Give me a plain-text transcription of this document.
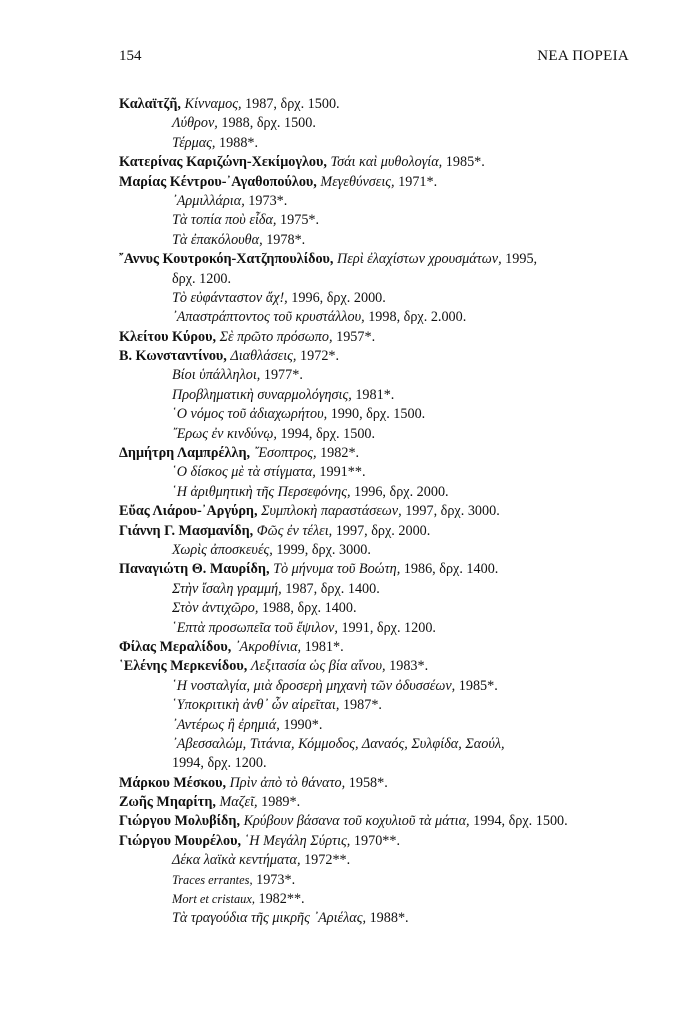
154	ΝΕΑ ΠΟΡΕΙΑ
Καλαϊτζῆ, Κίνναμος, 1987, δρχ. 1500.
Λύθρον, 1988, δρχ. 1500.
Τέρμας, 1988*.
Κατερίνας Καριζώνη-Χεκίμογλου, Τσάι καὶ μυθολογία, 1985*.
Μαρίας Κέντρου-᾽Αγαθοπούλου, Μεγεθύνσεις, 1971*.
᾽Αρμιλλάρια, 1973*.
Τὰ τοπία ποὺ εἶδα, 1975*.
Τὰ ἐπακόλουθα, 1978*.
῎Αννυς Κουτροκόη-Χατζηπουλίδου, Περὶ ἐλαχίστων χρουσμάτων, 1995,
δρχ. 1200.
Τὸ εὐφάνταστον ἄχ!, 1996, δρχ. 2000.
᾽Απαστράπτοντος τοῦ κρυστάλλου, 1998, δρχ. 2.000.
Κλείτου Κύρου, Σὲ πρῶτο πρόσωπο, 1957*.
Β. Κωνσταντίνου, Διαθλάσεις, 1972*.
Βίοι ὑπάλληλοι, 1977*.
Προβληματικὴ συναρμολόγησις, 1981*.
῾Ο νόμος τοῦ ἀδιαχωρήτου, 1990, δρχ. 1500.
῎Ερως ἐν κινδύνῳ, 1994, δρχ. 1500.
Δημήτρη Λαμπρέλλη, ῎Εσοπτρος, 1982*.
῾Ο δίσκος μὲ τὰ στίγματα, 1991**.
῾Η ἀριθμητικὴ τῆς Περσεφόνης, 1996, δρχ. 2000.
Εὔας Λιάρου-᾽Αργύρη, Συμπλοκὴ παραστάσεων, 1997, δρχ. 3000.
Γιάννη Γ. Μασμανίδη, Φῶς ἐν τέλει, 1997, δρχ. 2000.
Χωρὶς ἀποσκευές, 1999, δρχ. 3000.
Παναγιώτη Θ. Μαυρίδη, Τὸ μήνυμα τοῦ Βοώτη, 1986, δρχ. 1400.
Στὴν ἴσαλη γραμμή, 1987, δρχ. 1400.
Στὸν ἀντιχῶρο, 1988, δρχ. 1400.
῾Επτὰ προσωπεῖα τοῦ ἔψιλον, 1991, δρχ. 1200.
Φίλας Μεραλίδου, ᾽Ακροθίνια, 1981*.
῾Ελένης Μερκενίδου, Λεξιτασία ὡς βία αἴνου, 1983*.
῾Η νοσταλγία, μιὰ δροσερὴ μηχανὴ τῶν ὀδυσσέων, 1985*.
῾Υποκριτικὴ ἀνθ᾽ ὧν αἱρεῖται, 1987*.
᾽Αντέρως ἢ ἐρημιά, 1990*.
᾽Αβεσσαλώμ, Τιτάνια, Κόμμοδος, Δαναός, Συλφίδα, Σαούλ,
1994, δρχ. 1200.
Μάρκου Μέσκου, Πρὶν ἀπὸ τὸ θάνατο, 1958*.
Ζωῆς Μηαρίτη, Μαζεῖ, 1989*.
Γιώργου Μολυβίδη, Κρύβουν βάσανα τοῦ κοχυλιοῦ τὰ μάτια, 1994, δρχ. 1500.
Γιώργου Μουρέλου, ῾Η Μεγάλη Σύρτις, 1970**.
Δέκα λαϊκὰ κεντήματα, 1972**.
Traces errantes, 1973*.
Mort et cristaux, 1982**.
Τὰ τραγούδια τῆς μικρῆς ᾽Αριέλας, 1988*.
